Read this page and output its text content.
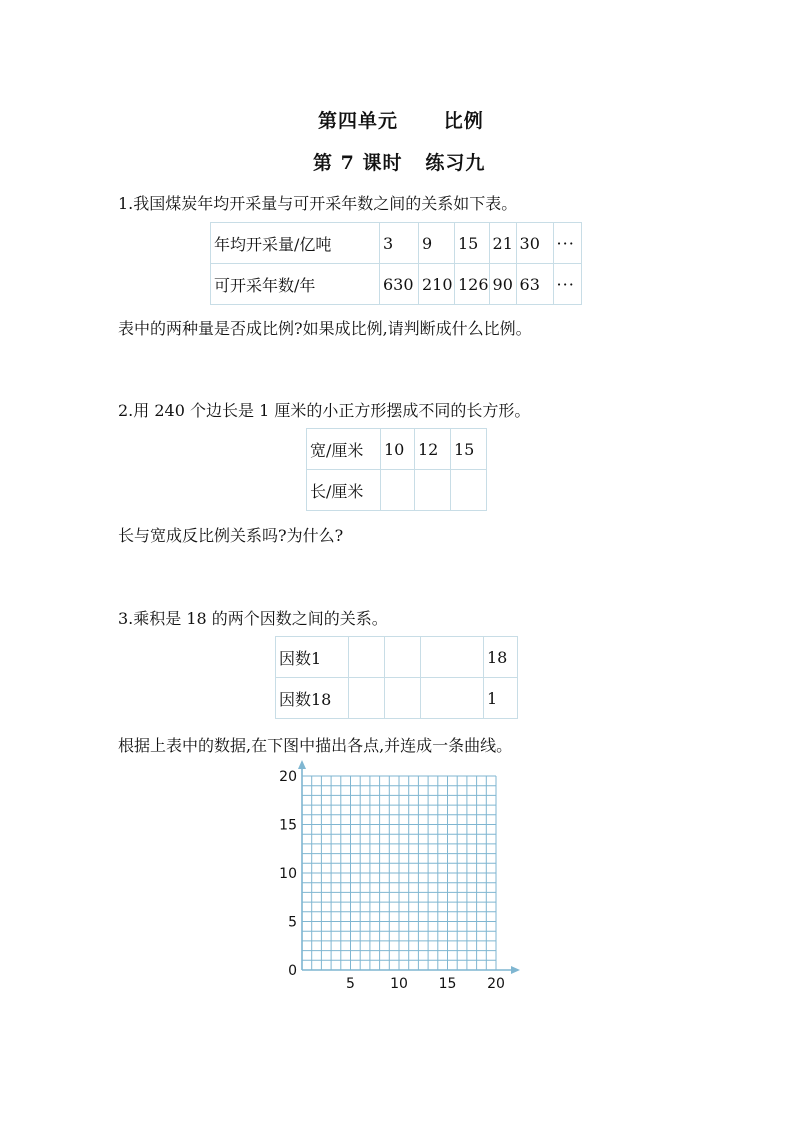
第四单元 比例
第 7 课时 练习九
1.我国煤炭年均开采量与可开采年数之间的关系如下表。
年均开采量/亿吨	3	9	15	21	30	···
可开采年数/年	630	210	126	90	63	···
表中的两种量是否成比例?如果成比例,请判断成什么比例。
2.用 240 个边长是 1 厘米的小正方形摆成不同的长方形。
宽/厘米	10	12	15
长/厘米			
长与宽成反比例关系吗?为什么?
3.乘积是 18 的两个因数之间的关系。
因数1				18
因数18				1
根据上表中的数据,在下图中描出各点,并连成一条曲线。
5	10 15 20
0
5
10
15
20
